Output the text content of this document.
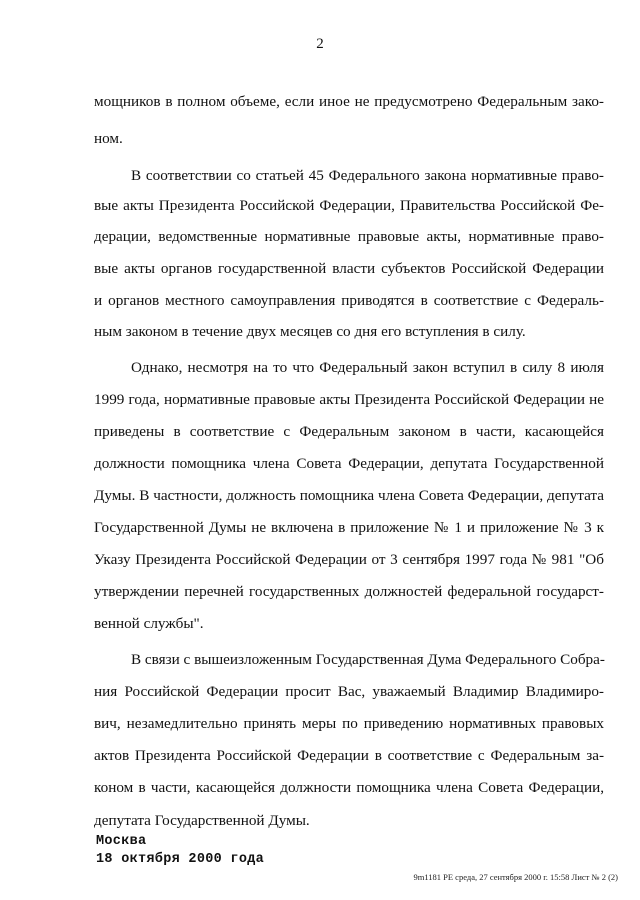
2
мощников в полном объеме, если иное не предусмотрено Федеральным зако-
ном.
В соответствии со статьей 45 Федерального закона нормативные право-
вые акты Президента Российской Федерации, Правительства Российской Фе-
дерации, ведомственные нормативные правовые акты, нормативные право-
вые акты органов государственной власти субъектов Российской Федерации
и органов местного самоуправления приводятся в соответствие с Федераль-
ным законом в течение двух месяцев со дня его вступления в силу.
Однако, несмотря на то что Федеральный закон вступил в силу 8 июля
1999 года, нормативные правовые акты Президента Российской Федерации не
приведены в соответствие с Федеральным законом в части, касающейся
должности помощника члена Совета Федерации, депутата Государственной
Думы. В частности, должность помощника члена Совета Федерации, депутата
Государственной Думы не включена в приложение № 1 и приложение № 3 к
Указу Президента Российской Федерации от 3 сентября 1997 года № 981 "Об
утверждении перечней государственных должностей федеральной государст-
венной службы".
В связи с вышеизложенным Государственная Дума Федерального Собра-
ния Российской Федерации просит Вас, уважаемый Владимир Владимиро-
вич, незамедлительно принять меры по приведению нормативных правовых
актов Президента Российской Федерации в соответствие с Федеральным за-
коном в части, касающейся должности помощника члена Совета Федерации,
депутата Государственной Думы.
Москва
18 октября 2000 года
9m1181 РЕ среда, 27 сентября 2000 г. 15:58 Лист № 2 (2)
